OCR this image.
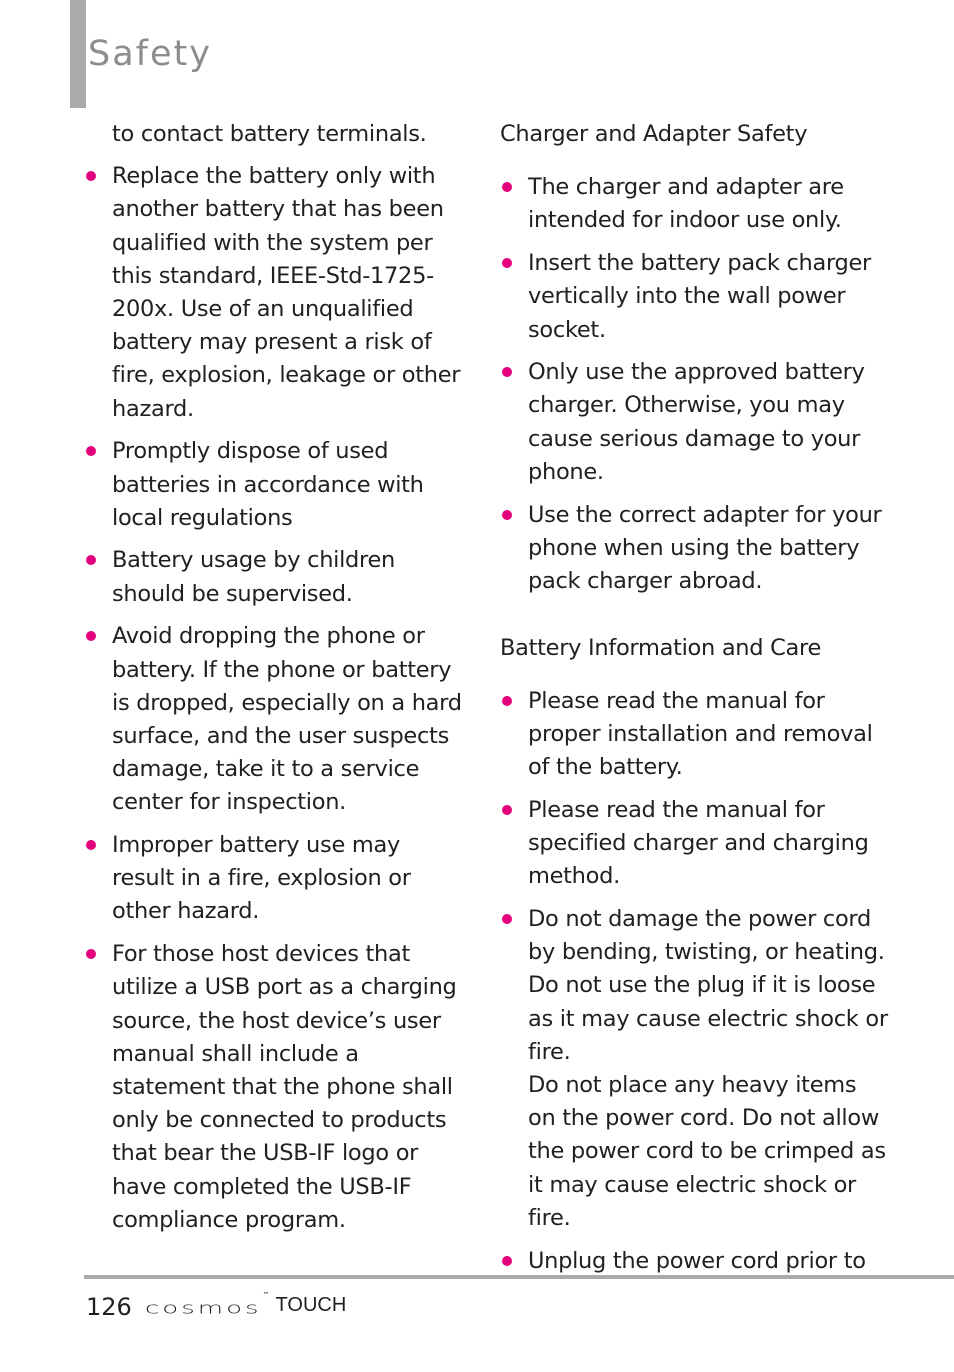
Safety

to contact battery terminals.

Replace the battery only with another battery that has been qualified with the system per this standard, IEEE-Std-1725-200x. Use of an unqualified battery may present a risk of fire, explosion, leakage or other hazard.
Promptly dispose of used batteries in accordance with local regulations
Battery usage by children should be supervised.
Avoid dropping the phone or battery. If the phone or battery is dropped, especially on a hard surface, and the user suspects damage, take it to a service center for inspection.
Improper battery use may result in a fire, explosion or other hazard.
For those host devices that utilize a USB port as a charging source, the host device’s user manual shall include a statement that the phone shall only be connected to products that bear the USB-IF logo or have completed the USB-IF compliance program.
Charger and Adapter Safety
The charger and adapter are intended for indoor use only.
Insert the battery pack charger vertically into the wall power socket.
Only use the approved battery charger. Otherwise, you may cause serious damage to your phone.
Use the correct adapter for your phone when using the battery pack charger abroad.
Battery Information and Care
Please read the manual for proper installation and removal of the battery.
Please read the manual for specified charger and charging method.
Do not damage the power cord by bending, twisting, or heating. Do not use the plug if it is loose as it may cause electric shock or fire.
Do not place any heavy items on the power cord. Do not allow the power cord to be crimped as it may cause electric shock or fire.
Unplug the power cord prior to
126 cosmos
™ TOUCH
